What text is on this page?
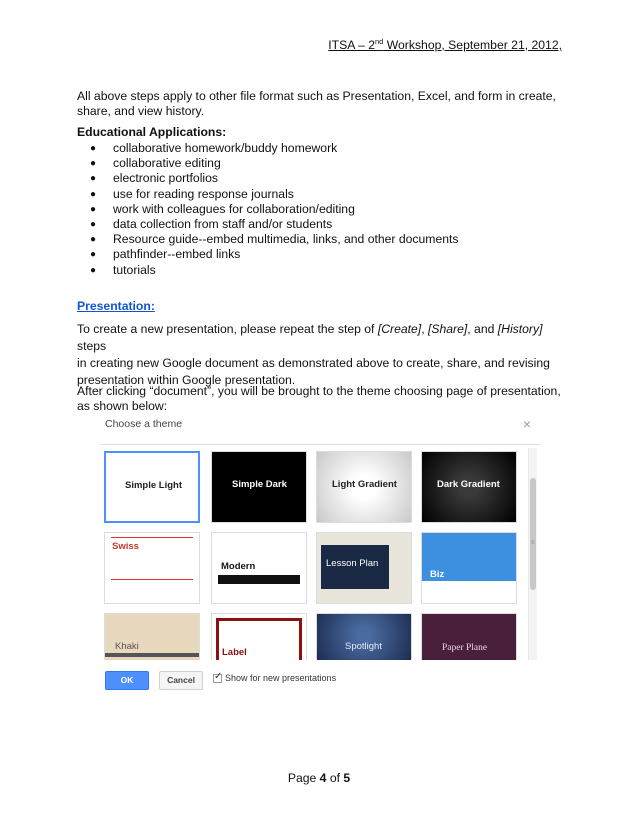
ITSA – 2nd Workshop, September 21, 2012,

All above steps apply to other file format such as Presentation, Excel, and form in create, share, and view history.

Educational Applications:

● collaborative homework/buddy homework
● collaborative editing
● electronic portfolios
● use for reading response journals
● work with colleagues for collaboration/editing
● data collection from staff and/or students
● Resource guide--embed multimedia, links, and other documents
● pathfinder--embed links
● tutorials
Presentation:

To create a new presentation, please repeat the step of [Create], [Share], and [History] steps
in creating new Google document as demonstrated above to create, share, and revising
presentation within Google presentation.

After clicking “document”, you will be brought to the theme choosing page of presentation, as shown below:

Choose a theme	×
Simple Light	Simple Dark	Light Gradient	Dark Gradient
Swiss
Modern	Lesson Plan
Biz
Khaki
Label
Spotlight	Paper Plane
≡
OK	Cancel	✓ Show for new presentations
Page 4 of 5
